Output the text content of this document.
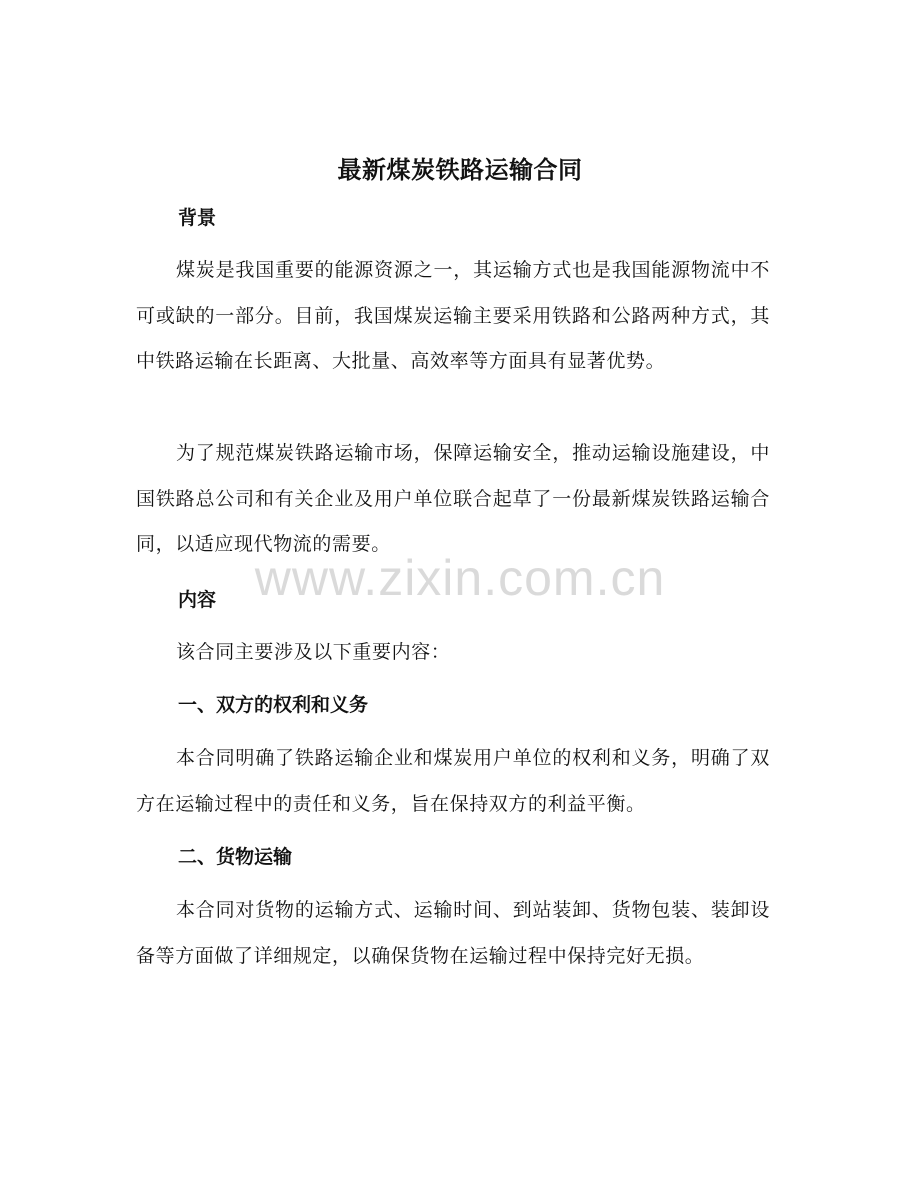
最新煤炭铁路运输合同
背景

煤炭是我国重要的能源资源之一，其运输方式也是我国能源物流中不可或缺的一部分。目前，我国煤炭运输主要采用铁路和公路两种方式，其中铁路运输在长距离、大批量、高效率等方面具有显著优势。

为了规范煤炭铁路运输市场，保障运输安全，推动运输设施建设，中国铁路总公司和有关企业及用户单位联合起草了一份最新煤炭铁路运输合同，以适应现代物流的需要。

www.zixin.com.cn
内容

该合同主要涉及以下重要内容：

一、双方的权利和义务

本合同明确了铁路运输企业和煤炭用户单位的权利和义务，明确了双方在运输过程中的责任和义务，旨在保持双方的利益平衡。

二、货物运输

本合同对货物的运输方式、运输时间、到站装卸、货物包装、装卸设备等方面做了详细规定，以确保货物在运输过程中保持完好无损。
